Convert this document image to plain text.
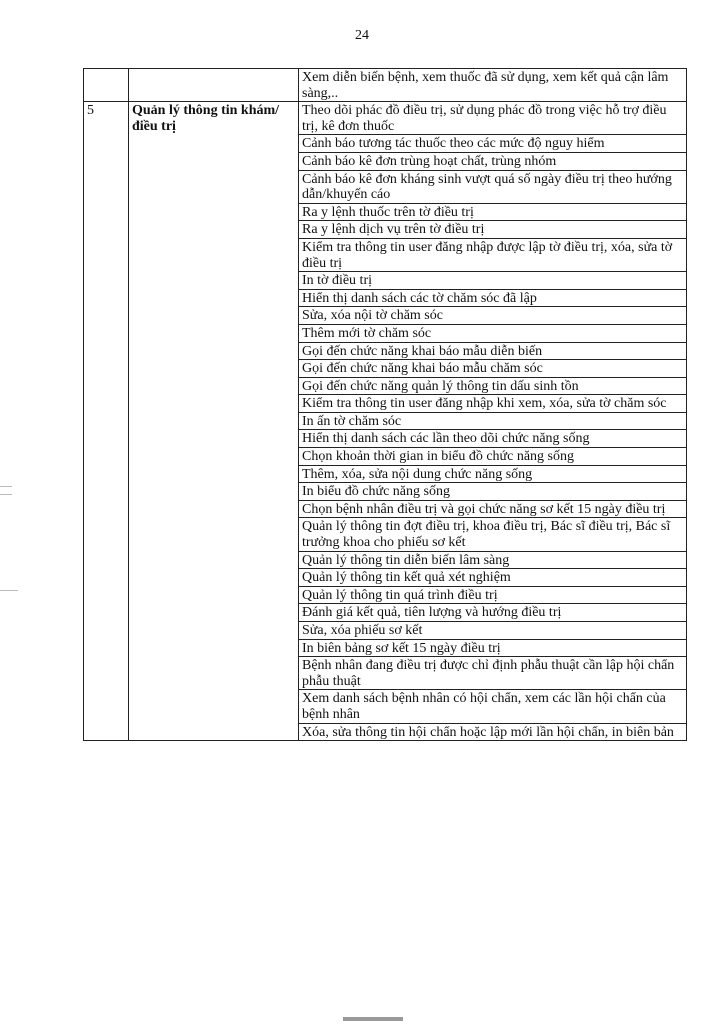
24
		Xem diễn biến bệnh, xem thuốc đã sử dụng, xem kết quả cận lâm sàng,..
5	Quản lý thông tin khám/điều trị	Theo dõi phác đồ điều trị, sử dụng phác đồ trong việc hỗ trợ điều trị, kê đơn thuốc
		Cảnh báo tương tác thuốc theo các mức độ nguy hiểm
		Cảnh báo kê đơn trùng hoạt chất, trùng nhóm
		Cảnh báo kê đơn kháng sinh vượt quá số ngày điều trị theo hướng dẫn/khuyến cáo
		Ra y lệnh thuốc trên tờ điều trị
		Ra y lệnh dịch vụ trên tờ điều trị
		Kiểm tra thông tin user đăng nhập được lập tờ điều trị, xóa, sửa tờ điều trị
		In tờ điều trị
		Hiển thị danh sách các tờ chăm sóc đã lập
		Sửa, xóa nội tờ chăm sóc
		Thêm mới tờ chăm sóc
		Gọi đến chức năng khai báo mẫu diễn biến
		Gọi đến chức năng khai báo mẫu chăm sóc
		Gọi đến chức năng quản lý thông tin dấu sinh tồn
		Kiểm tra thông tin user đăng nhập khi xem, xóa, sửa tờ chăm sóc
		In ấn tờ chăm sóc
		Hiển thị danh sách các lần theo dõi chức năng sống
		Chọn khoản thời gian in biểu đồ chức năng sống
		Thêm, xóa, sửa nội dung chức năng sống
		In biểu đồ chức năng sống
		Chọn bệnh nhân điều trị và gọi chức năng sơ kết 15 ngày điều trị
		Quản lý thông tin đợt điều trị, khoa điều trị, Bác sĩ điều trị, Bác sĩ trưởng khoa cho phiếu sơ kết
		Quản lý thông tin diễn biến lâm sàng
		Quản lý thông tin kết quả xét nghiệm
		Quản lý thông tin quá trình điều trị
		Đánh giá kết quả, tiên lượng và hướng điều trị
		Sửa, xóa phiếu sơ kết
		In biên bảng sơ kết 15 ngày điều trị
		Bệnh nhân đang điều trị được chỉ định phẫu thuật cần lập hội chẩn phẫu thuật
		Xem danh sách bệnh nhân có hội chẩn, xem các lần hội chẩn của bệnh nhân
		Xóa, sửa thông tin hội chẩn hoặc lập mới lần hội chẩn, in biên bản
